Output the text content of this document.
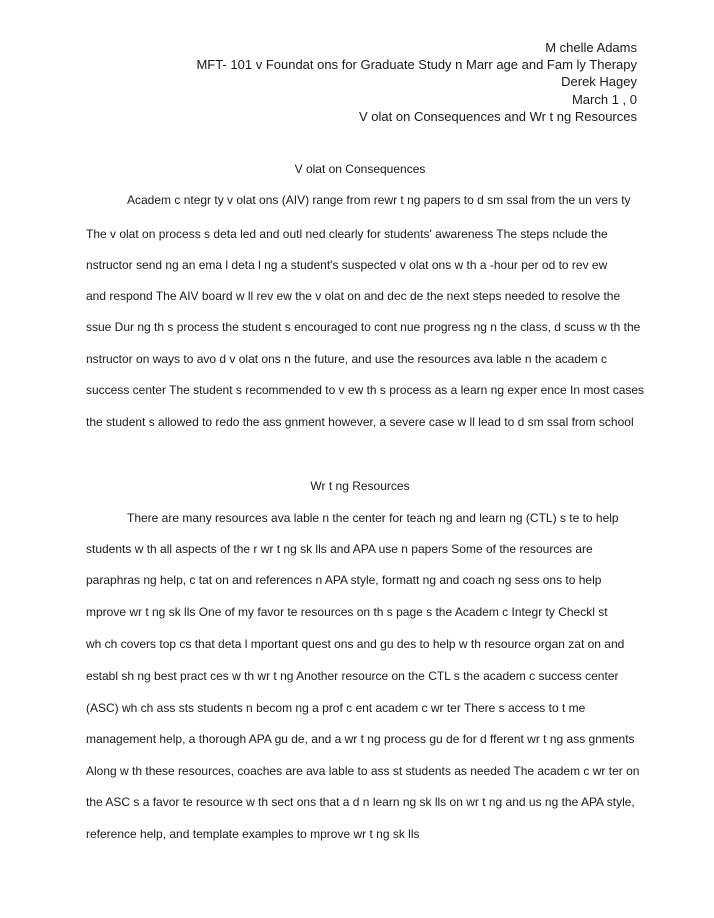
M chelle Adams
MFT- 101 v Foundat ons for Graduate Study n Marr age and Fam ly Therapy
Derek Hagey
March 1 , 0
V olat on Consequences and Wr t ng Resources
V olat on Consequences
Academ c ntegr ty v olat ons (AIV) range from rewr t ng papers to d sm ssal from the un vers ty
The v olat on process s deta led and outl ned clearly for students' awareness The steps nclude the
nstructor send ng an ema l deta l ng a student's suspected v olat ons w th a -hour per od to rev ew
and respond The AIV board w ll rev ew the v olat on and dec de the next steps needed to resolve the
ssue Dur ng th s process the student s encouraged to cont nue progress ng n the class, d scuss w th the
nstructor on ways to avo d v olat ons n the future, and use the resources ava lable n the academ c
success center The student s recommended to v ew th s process as a learn ng exper ence In most cases
the student s allowed to redo the ass gnment however, a severe case w ll lead to d sm ssal from school
Wr t ng Resources
There are many resources ava lable n the center for teach ng and learn ng (CTL) s te to help
students w th all aspects of the r wr t ng sk lls and APA use n papers Some of the resources are
paraphras ng help, c tat on and references n APA style, formatt ng and coach ng sess ons to help
mprove wr t ng sk lls One of my favor te resources on th s page s the Academ c Integr ty Checkl st
wh ch covers top cs that deta l mportant quest ons and gu des to help w th resource organ zat on and
establ sh ng best pract ces w th wr t ng Another resource on the CTL s the academ c success center
(ASC) wh ch ass sts students n becom ng a prof c ent academ c wr ter There s access to t me
management help, a thorough APA gu de, and a wr t ng process gu de for d fferent wr t ng ass gnments
Along w th these resources, coaches are ava lable to ass st students as needed The academ c wr ter on
the ASC s a favor te resource w th sect ons that a d n learn ng sk lls on wr t ng and us ng the APA style,
reference help, and template examples to mprove wr t ng sk lls
